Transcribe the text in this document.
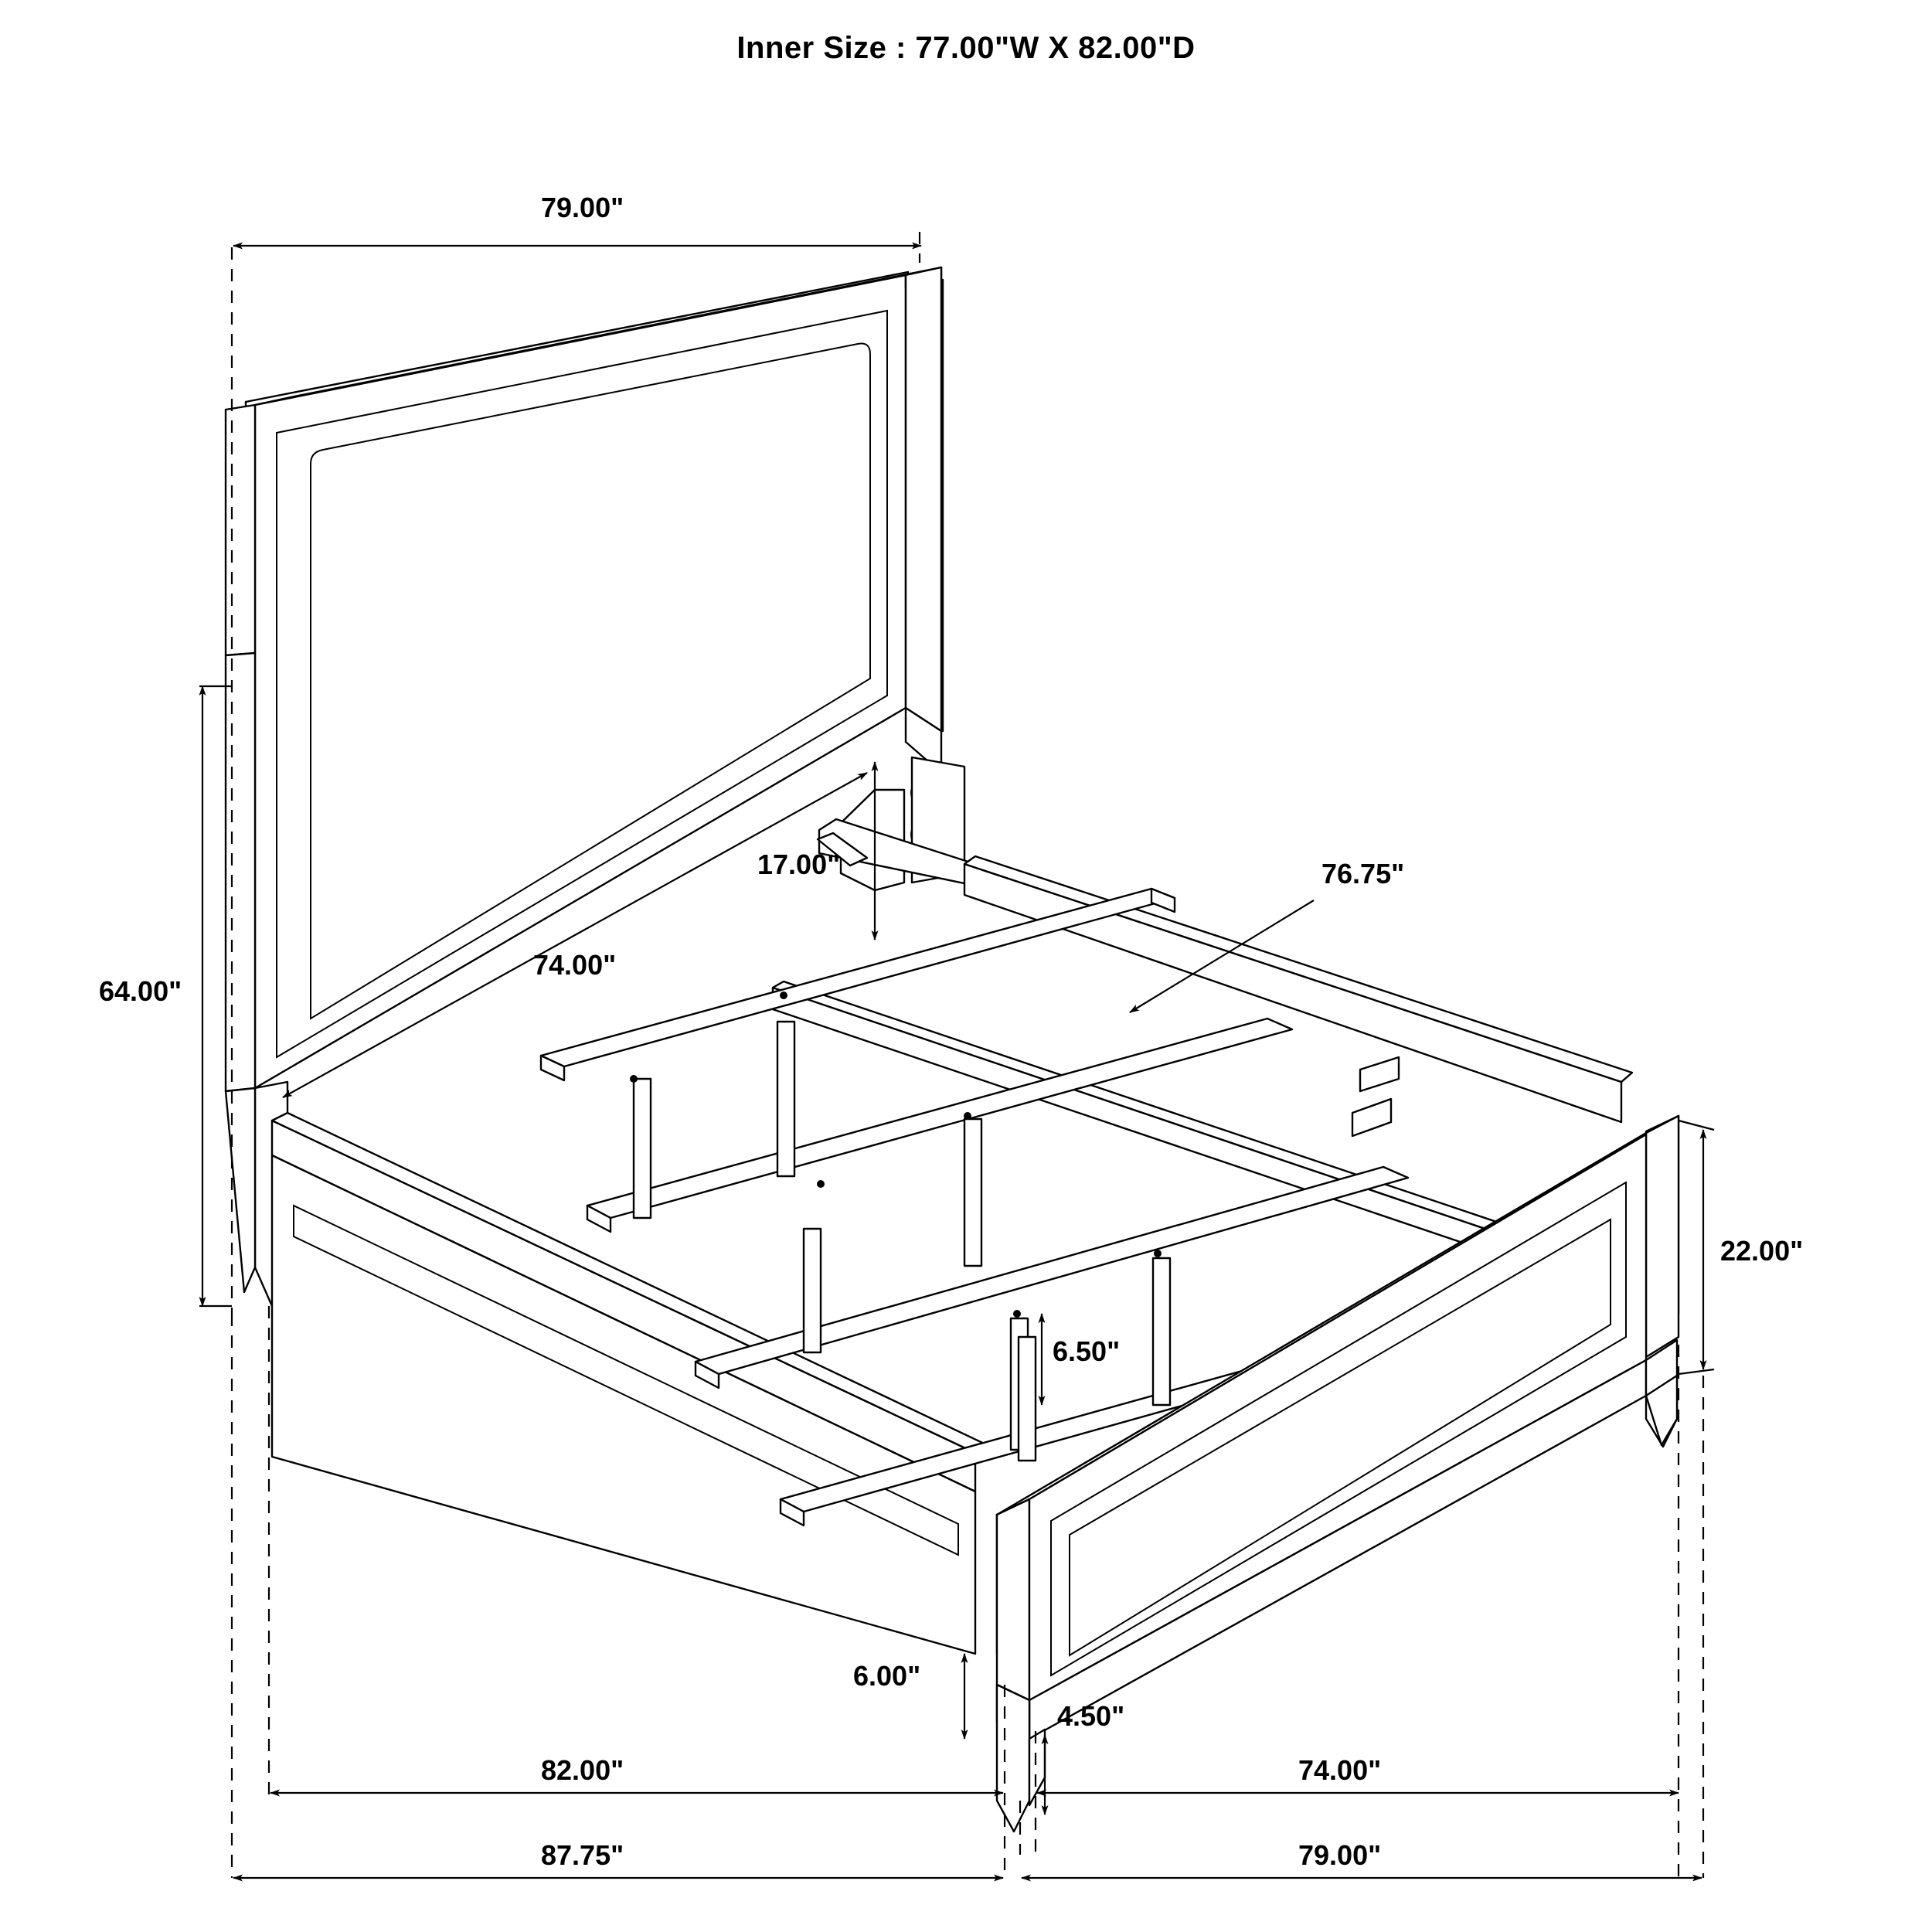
Inner Size : 77.00"W X 82.00"D
79.00"
64.00"
17.00"
74.00"
76.75"
22.00"
6.50"
6.00"
4.50"
82.00"	74.00"
87.75"	79.00"
